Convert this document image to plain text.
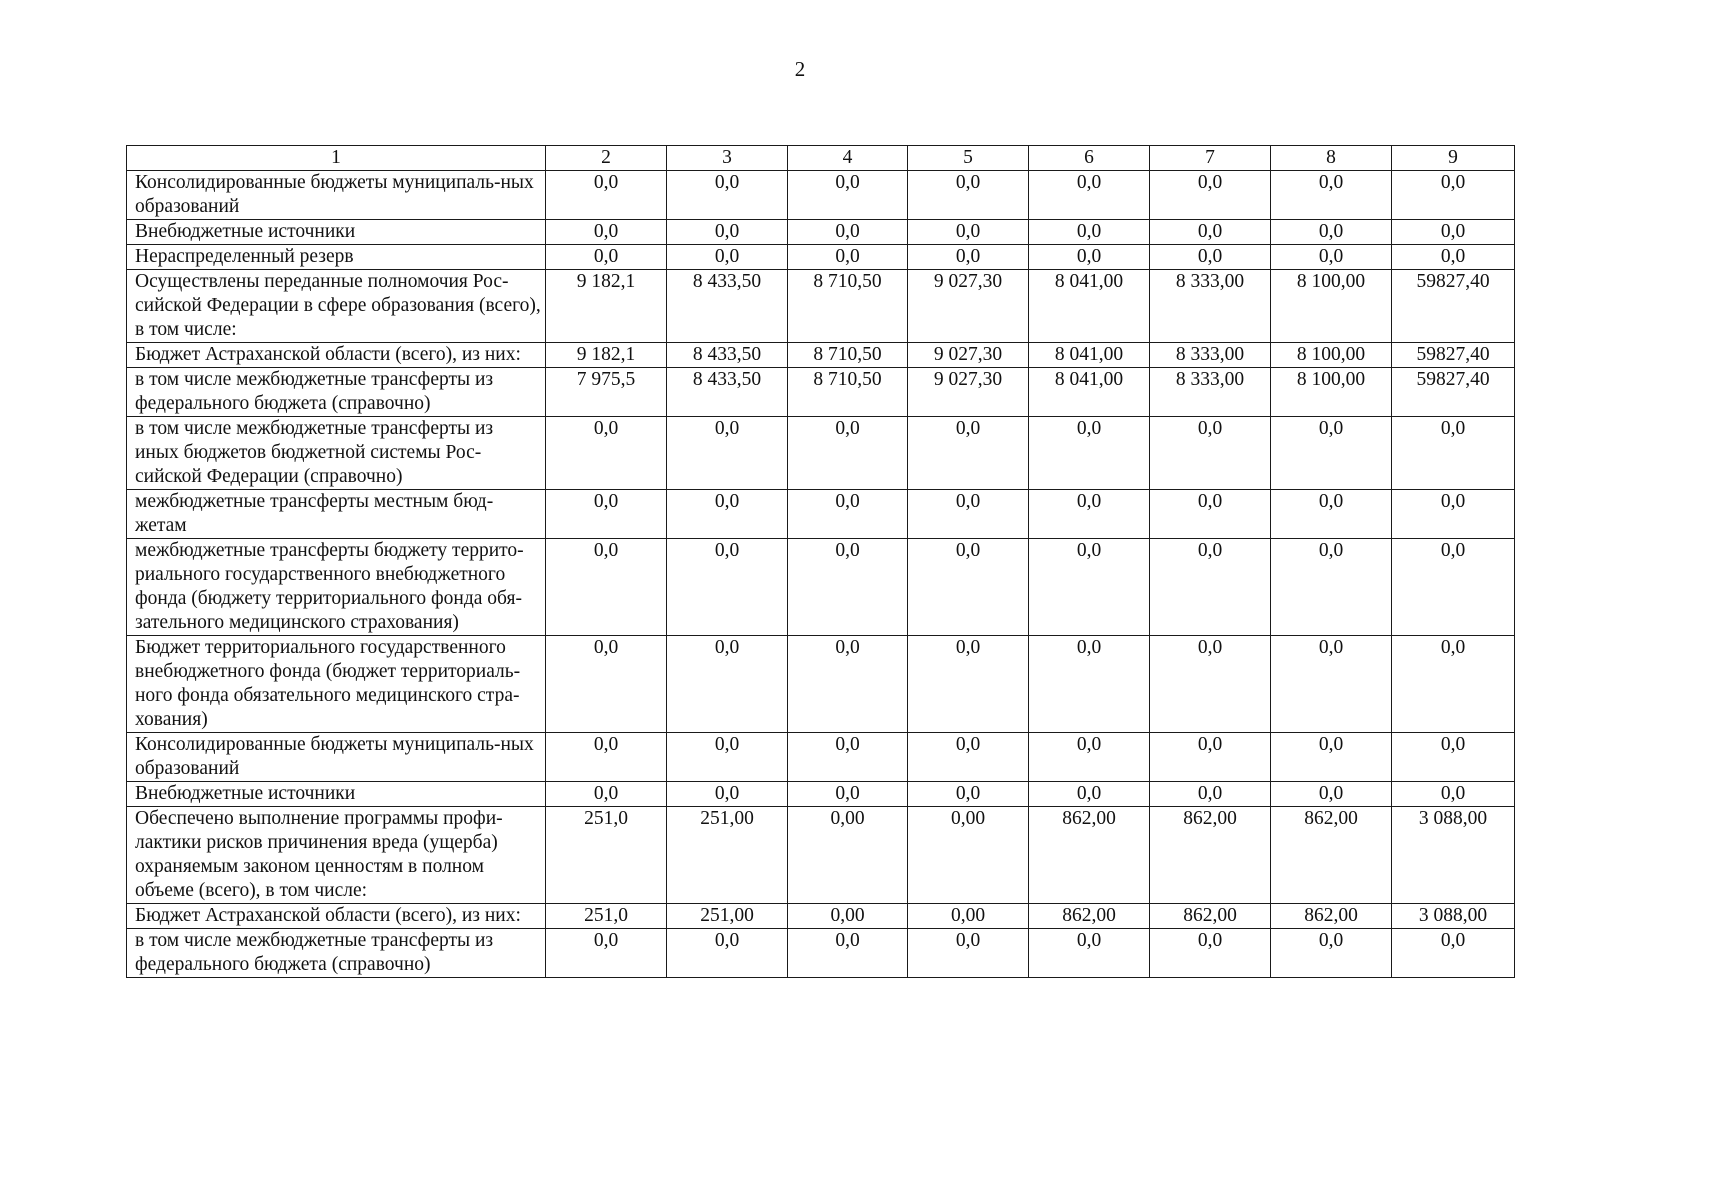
2
1	2	3	4	5	6	7	8	9
Консолидированные бюджеты муниципаль-ных образований	0,0	0,0	0,0	0,0	0,0	0,0	0,0	0,0
Внебюджетные источники	0,0	0,0	0,0	0,0	0,0	0,0	0,0	0,0
Нераспределенный резерв	0,0	0,0	0,0	0,0	0,0	0,0	0,0	0,0
Осуществлены переданные полномочия Рос-сийской Федерации в сфере образования (всего), в том числе:	9 182,1	8 433,50	8 710,50	9 027,30	8 041,00	8 333,00	8 100,00	59827,40
Бюджет Астраханской области (всего), из них:	9 182,1	8 433,50	8 710,50	9 027,30	8 041,00	8 333,00	8 100,00	59827,40
в том числе межбюджетные трансферты из федерального бюджета (справочно)	7 975,5	8 433,50	8 710,50	9 027,30	8 041,00	8 333,00	8 100,00	59827,40
в том числе межбюджетные трансферты из иных бюджетов бюджетной системы Рос-сийской Федерации (справочно)	0,0	0,0	0,0	0,0	0,0	0,0	0,0	0,0
межбюджетные трансферты местным бюд-жетам	0,0	0,0	0,0	0,0	0,0	0,0	0,0	0,0
межбюджетные трансферты бюджету террито-риального государственного внебюджетного фонда (бюджету территориального фонда обя-зательного медицинского страхования)	0,0	0,0	0,0	0,0	0,0	0,0	0,0	0,0
Бюджет территориального государственного внебюджетного фонда (бюджет территориаль-ного фонда обязательного медицинского стра-хования)	0,0	0,0	0,0	0,0	0,0	0,0	0,0	0,0
Консолидированные бюджеты муниципаль-ных образований	0,0	0,0	0,0	0,0	0,0	0,0	0,0	0,0
Внебюджетные источники	0,0	0,0	0,0	0,0	0,0	0,0	0,0	0,0
Обеспечено выполнение программы профи-лактики рисков причинения вреда (ущерба) охраняемым законом ценностям в полном объеме (всего), в том числе:	251,0	251,00	0,00	0,00	862,00	862,00	862,00	3 088,00
Бюджет Астраханской области (всего), из них:	251,0	251,00	0,00	0,00	862,00	862,00	862,00	3 088,00
в том числе межбюджетные трансферты из федерального бюджета (справочно)	0,0	0,0	0,0	0,0	0,0	0,0	0,0	0,0
